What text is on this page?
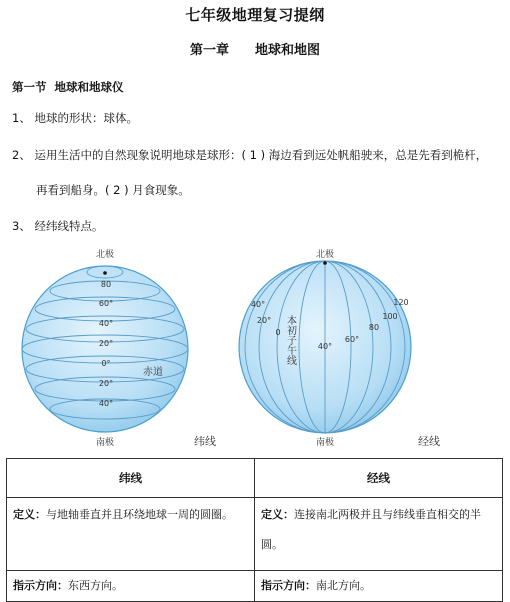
七年级地理复习提纲
第一章　　地球和地图
第一节  地球和地球仪
1、 地球的形状：球体。
2、 运用生活中的自然现象说明地球是球形：( 1 ) 海边看到远处帆船驶来，总是先看到桅杆，
再看到船身。( 2 ) 月食现象。
3、 经纬线特点。
北极
南极
赤道
80
60°
40°
20°
0°
20°
40°
纬线
北极
南极
40°
20°
0
40°
60°
80
100
120
本初子午线
经线
纬线	经线
定义：与地轴垂直并且环绕地球一周的圆圈。	定义：连接南北两极并且与纬线垂直相交的半圆。
指示方向：东西方向。	指示方向：南北方向。
